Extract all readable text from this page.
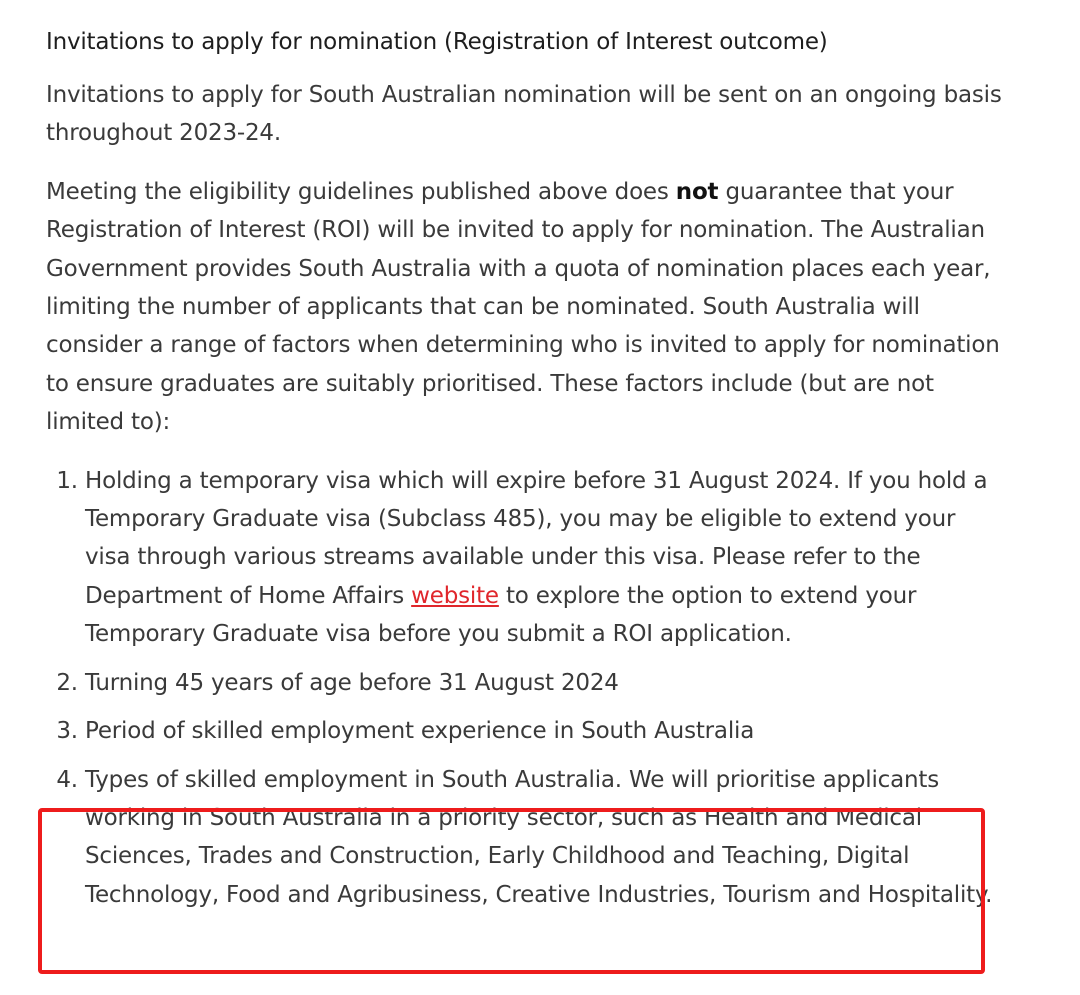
Invitations to apply for nomination (Registration of Interest outcome)

Invitations to apply for South Australian nomination will be sent on an ongoing basis throughout 2023-24.

Meeting the eligibility guidelines published above does not guarantee that your Registration of Interest (ROI) will be invited to apply for nomination. The Australian Government provides South Australia with a quota of nomination places each year, limiting the number of applicants that can be nominated. South Australia will consider a range of factors when determining who is invited to apply for nomination to ensure graduates are suitably prioritised. These factors include (but are not limited to):

1. Holding a temporary visa which will expire before 31 August 2024. If you hold a Temporary Graduate visa (Subclass 485), you may be eligible to extend your visa through various streams available under this visa. Please refer to the Department of Home Affairs website to explore the option to extend your Temporary Graduate visa before you submit a ROI application.
2. Turning 45 years of age before 31 August 2024
3. Period of skilled employment experience in South Australia
4. Types of skilled employment in South Australia. We will prioritise applicants working in South Australia in a priority sector, such as Health and Medical Sciences, Trades and Construction, Early Childhood and Teaching, Digital Technology, Food and Agribusiness, Creative Industries, Tourism and Hospitality.
